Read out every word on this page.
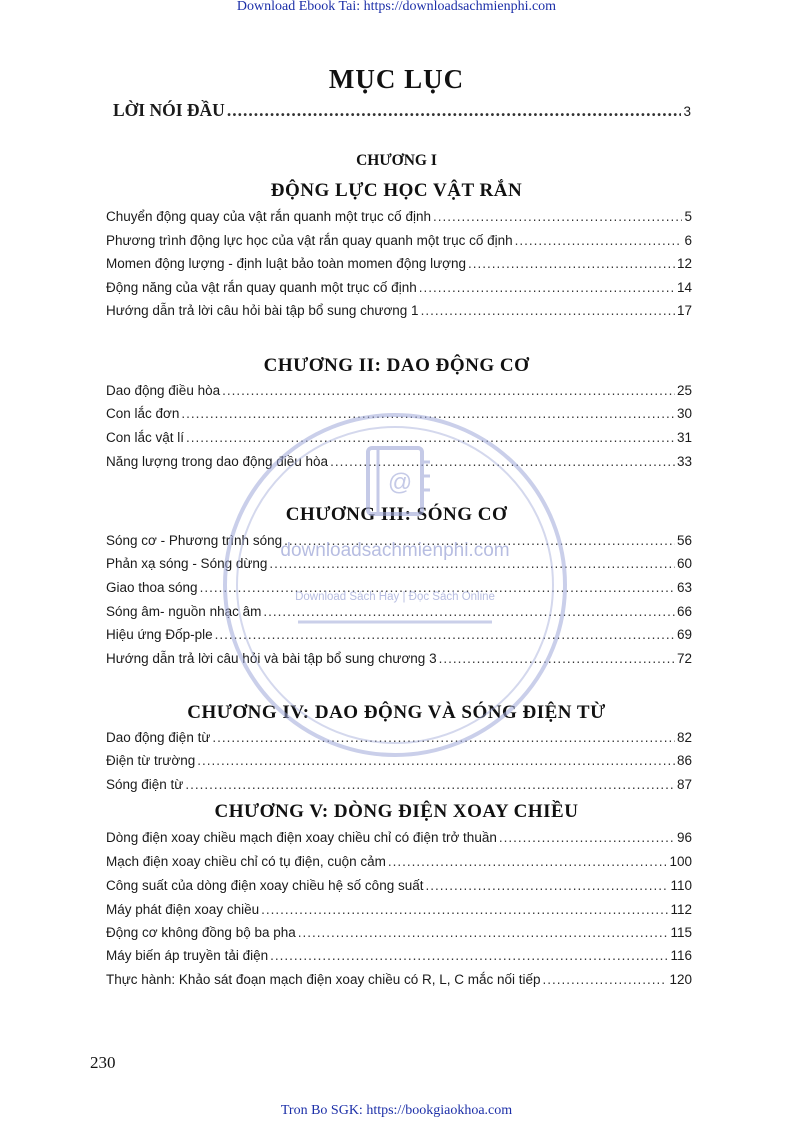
Download Ebook Tai: https://downloadsachmienphi.com
MỤC LỤC
LỜI NÓI ĐẦU .....	3
CHƯƠNG I
ĐỘNG LỰC HỌC VẬT RẮN
Chuyển động quay của vật rắn quanh một trục cố định .....	5
Phương trình động lực học của vật rắn quay quanh một trục cố định .....	6
Momen động lượng - định luật bảo toàn momen động lượng .....	12
Động năng của vật rắn quay quanh một trục cố định .....	14
Hướng dẫn trả lời câu hỏi bài tập bổ sung chương 1 .....	17
CHƯƠNG II: DAO ĐỘNG CƠ
Dao động điều hòa .....	25
Con lắc đơn .....	30
Con lắc vật lí .....	31
Năng lượng trong dao động điều hòa .....	33
CHƯƠNG III: SÓNG CƠ
Sóng cơ - Phương trình sóng .....	56
Phản xạ sóng - Sóng dừng .....	60
Giao thoa sóng .....	63
Sóng âm- nguồn nhạc âm .....	66
Hiệu ứng Đốp-ple .....	69
Hướng dẫn trả lời câu hỏi và bài tập bổ sung chương 3 .....	72
CHƯƠNG IV: DAO ĐỘNG VÀ SÓNG ĐIỆN TỪ
Dao động điện từ .....	82
Điện từ trường .....	86
Sóng điện từ .....	87
CHƯƠNG V: DÒNG ĐIỆN XOAY CHIỀU
Dòng điện xoay chiều mạch điện xoay chiều chỉ có điện trở thuần .....	96
Mạch điện xoay chiều chỉ có tụ điện, cuộn cảm .....	100
Công suất của dòng điện xoay chiều hệ số công suất .....	110
Máy phát điện xoay chiều .....	112
Động cơ không đồng bộ ba pha .....	115
Máy biến áp truyền tải điện .....	116
Thực hành: Khảo sát đoạn mạch điện xoay chiều có R, L, C mắc nối tiếp .....	120
@
downloadsachmienphi.com
Download Sách Hay | Đọc Sách Online
230
Tron Bo SGK: https://bookgiaokhoa.com
